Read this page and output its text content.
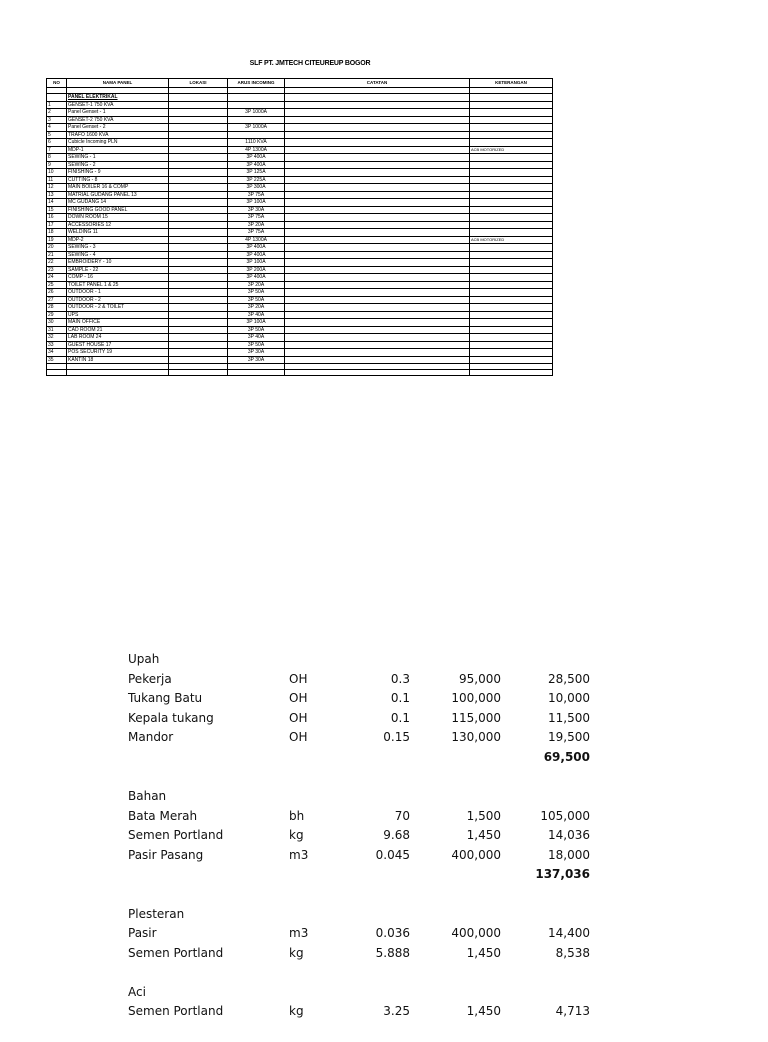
SLF PT. JMTECH CITEUREUP BOGOR
NO	NAMA PANEL	LOKASI	ARUS INCOMING	CATATAN	KETERANGAN

	PANEL ELEKTRIKAL				
1	GENSET-1 750 KVA				
2	Panel Genset - 1		3P 1000A		
3	GENSET-2 750 KVA				
4	Panel Genset - 2		3P 1000A		
5	TRAFO 1600 KVA				
6	Cubicle Incoming PLN		1110 KVA		
7	MDP-1		4P 1300A		ACB MOTORIZED
8	SEWING - 1		3P 400A		
9	SEWING - 2		3P 400A		
10	FINISHING - 9		3P 125A		
11	CUTTING - 8		3P 225A		
12	MAIN BOILER 16 & COMP		3P 300A		
13	MATRIAL GUDANG PANEL 13		3P 75A		
14	MC GUDANG 14		3P 100A		
15	FINISHING GOOD PANEL		3P 30A		
16	DOWN ROOM 15		3P 75A		
17	ACCESSORIES 12		3P 20A		
18	WELDING 11		3P 75A		
19	MDP-2		4P 1300A		ACB MOTORIZED
20	SEWING - 3		3P 400A		
21	SEWING - 4		3P 400A		
22	EMBROIDERY - 10		3P 100A		
23	SAMPLE - 22		3P 200A		
24	COMP - 16		3P 400A		
25	TOILET PANEL 1 & 25		3P 20A		
26	OUTDOOR - 1		3P 50A		
27	OUTDOOR - 2		3P 50A		
28	OUTDOOR - 2 & TOILET		3P 20A		
29	UPS		3P 40A		
30	MAIN OFFICE		3P 100A		
31	CAD ROOM 21		3P 50A		
32	LAB ROOM 24		3P 40A		
33	GUEST HOUSE 17		3P 50A		
34	POS SECURITY 19		3P 30A		
35	KANTIN 18		3P 30A		

Upah
Pekerja	OH	0.3	95,000	28,500
Tukang Batu	OH	0.1	100,000	10,000
Kepala tukang	OH	0.1	115,000	11,500
Mandor	OH	0.15	130,000	19,500
69,500
Bahan
Bata Merah	bh	70	1,500	105,000
Semen Portland	kg	9.68	1,450	14,036
Pasir Pasang	m3	0.045	400,000	18,000
137,036
Plesteran
Pasir	m3	0.036	400,000	14,400
Semen Portland	kg	5.888	1,450	8,538
Aci
Semen Portland	kg	3.25	1,450	4,713
